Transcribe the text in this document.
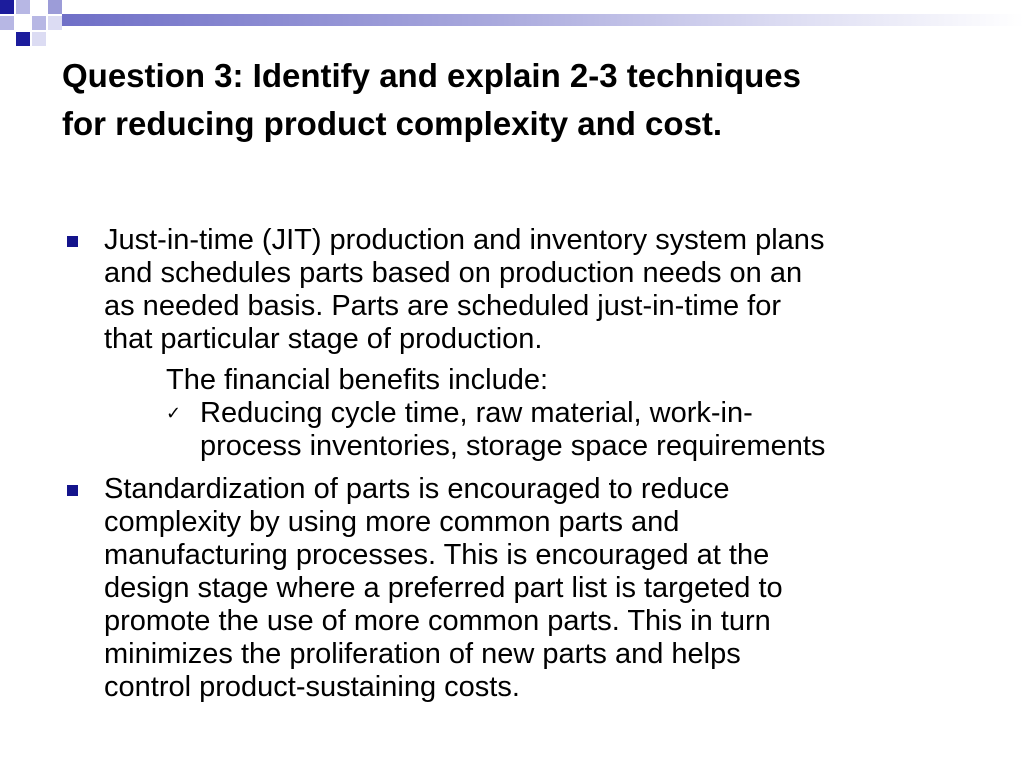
Question 3: Identify and explain 2-3 techniques
for reducing product complexity and cost.
Just-in-time (JIT) production and inventory system plans
and schedules parts based on production needs on an
as needed basis. Parts are scheduled just-in-time for
that particular stage of production.
The financial benefits include:
✓ Reducing cycle time, raw material, work-in-
process inventories, storage space requirements
Standardization of parts is encouraged to reduce
complexity by using more common parts and
manufacturing processes. This is encouraged at the
design stage where a preferred part list is targeted to
promote the use of more common parts. This in turn
minimizes the proliferation of new parts and helps
control product-sustaining costs.
